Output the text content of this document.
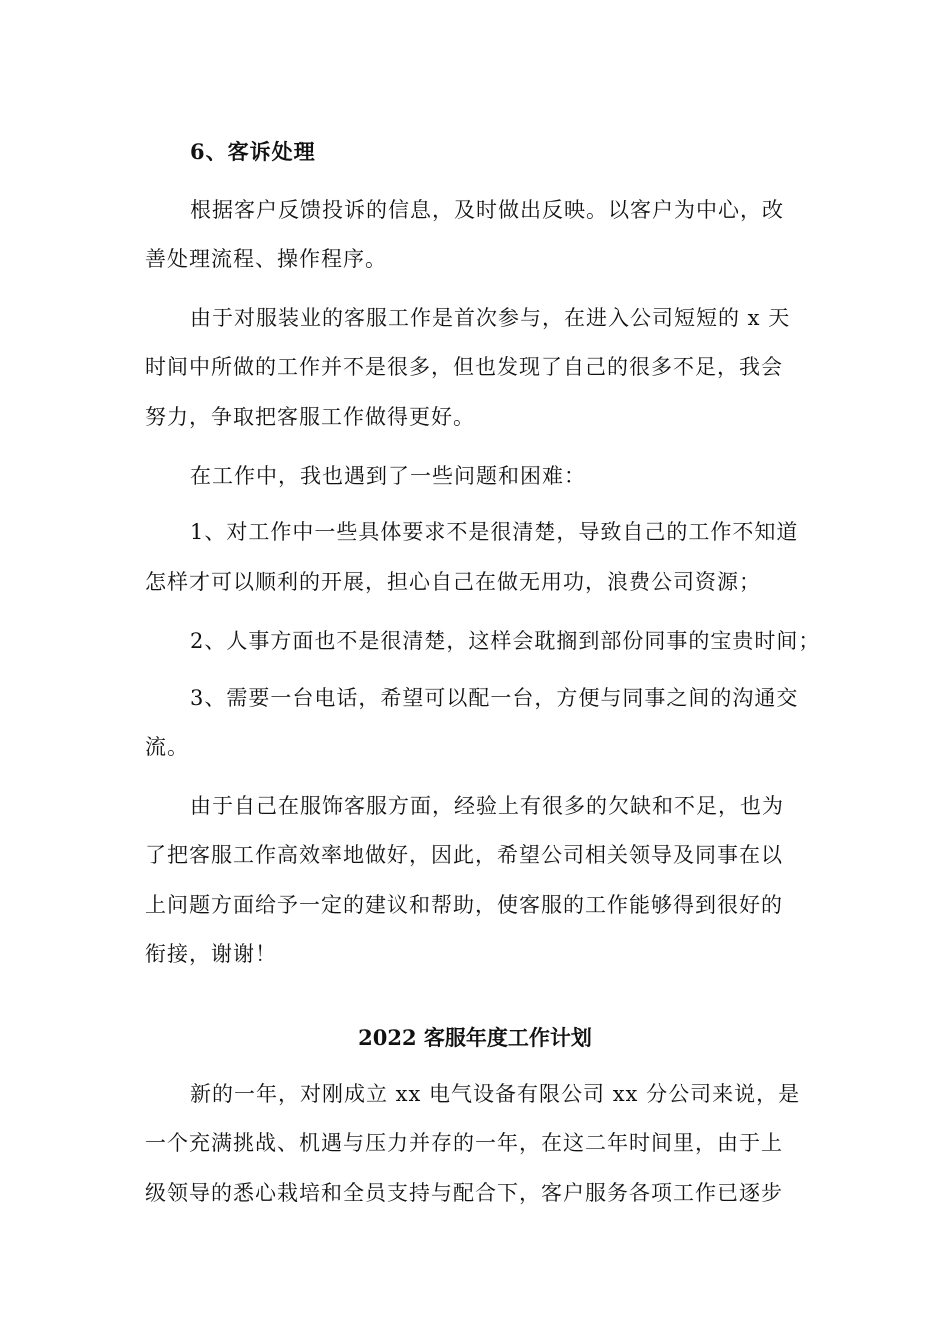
6、客诉处理
根据客户反馈投诉的信息，及时做出反映。以客户为中心，改
善处理流程、操作程序。
由于对服装业的客服工作是首次参与，在进入公司短短的 x 天
时间中所做的工作并不是很多，但也发现了自己的很多不足，我会
努力，争取把客服工作做得更好。
在工作中，我也遇到了一些问题和困难：
1、对工作中一些具体要求不是很清楚，导致自己的工作不知道
怎样才可以顺利的开展，担心自己在做无用功，浪费公司资源；
2、人事方面也不是很清楚，这样会耽搁到部份同事的宝贵时间；
3、需要一台电话，希望可以配一台，方便与同事之间的沟通交
流。
由于自己在服饰客服方面，经验上有很多的欠缺和不足，也为
了把客服工作高效率地做好，因此，希望公司相关领导及同事在以
上问题方面给予一定的建议和帮助，使客服的工作能够得到很好的
衔接，谢谢！
2022 客服年度工作计划
新的一年，对刚成立 xx 电气设备有限公司 xx 分公司来说，是
一个充满挑战、机遇与压力并存的一年，在这二年时间里，由于上
级领导的悉心栽培和全员支持与配合下，客户服务各项工作已逐步
